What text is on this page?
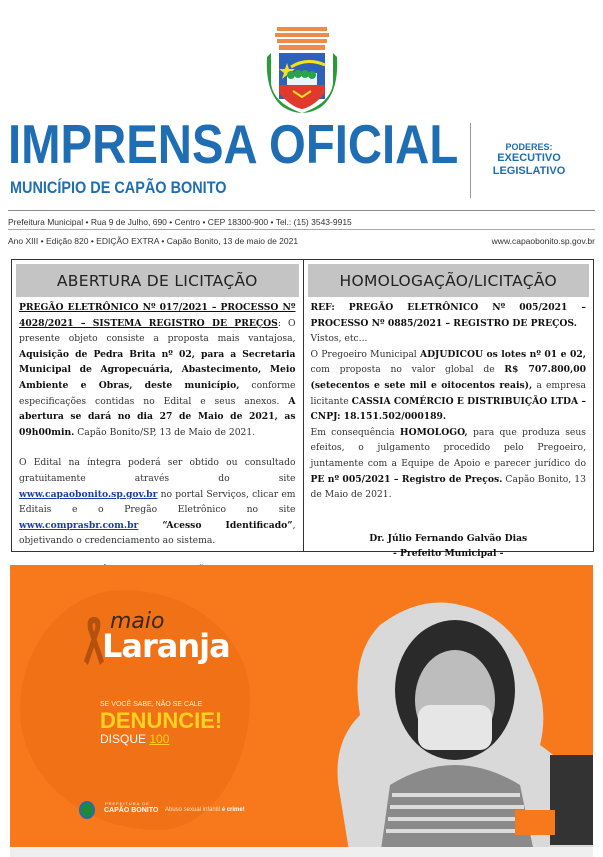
IMPRENSA OFICIAL
MUNICÍPIO DE CAPÃO BONITO
PODERES:
EXECUTIVO
LEGISLATIVO
Prefeitura Municipal • Rua 9 de Julho, 690 • Centro • CEP 18300-900 • Tel.: (15) 3543-9915
Ano XIII • Edição 820 • EDIÇÃO EXTRA • Capão Bonito, 13 de maio de 2021	www.capaobonito.sp.gov.br
ABERTURA DE LICITAÇÃO

PREGÃO ELETRÔNICO Nº 017/2021 – PROCESSO Nº 4028/2021 – SISTEMA REGISTRO DE PREÇOS: O presente objeto consiste a proposta mais vantajosa, Aquisição de Pedra Brita nº 02, para a Secretaria Municipal de Agropecuária, Abastecimento, Meio Ambiente e Obras, deste município, conforme especificações contidas no Edital e seus anexos. A abertura se dará no dia 27 de Maio de 2021, as 09h00min. Capão Bonito/SP, 13 de Maio de 2021.

O Edital na íntegra poderá ser obtido ou consultado gratuitamente através do site www.capaobonito.sp.gov.br no portal Serviços, clicar em Editais e o Pregão Eletrônico no site www.comprasbr.com.br “Acesso Identificado”, objetivando o credenciamento ao sistema.

HOMOLOGAÇÃO/LICITAÇÃO
REF: PREGÃO ELETRÔNICO Nº 005/2021 – PROCESSO Nº 0885/2021 – REGISTRO DE PREÇOS.
Vistos, etc...
O Pregoeiro Municipal ADJUDICOU os lotes nº 01 e 02, com proposta no valor global de R$ 707.800,00 (setecentos e sete mil e oitocentos reais), a empresa licitante CASSIA COMÉRCIO E DISTRIBUIÇÃO LTDA – CNPJ: 18.151.502/000189.
Em consequência HOMOLOGO, para que produza seus efeitos, o julgamento procedido pelo Pregoeiro, juntamente com a Equipe de Apoio e parecer jurídico do PE nº 005/2021 – Registro de Preços. Capão Bonito, 13 de Maio de 2021.
Dr. Júlio Fernando Galvão Dias
- Prefeito Municipal -
maio
Laranja
SE VOCÊ SABE, NÃO SE CALE
DENUNCIE!
DISQUE 100
PREFEITURA DE
CAPÃO BONITO Abuso sexual infantil é crime!
